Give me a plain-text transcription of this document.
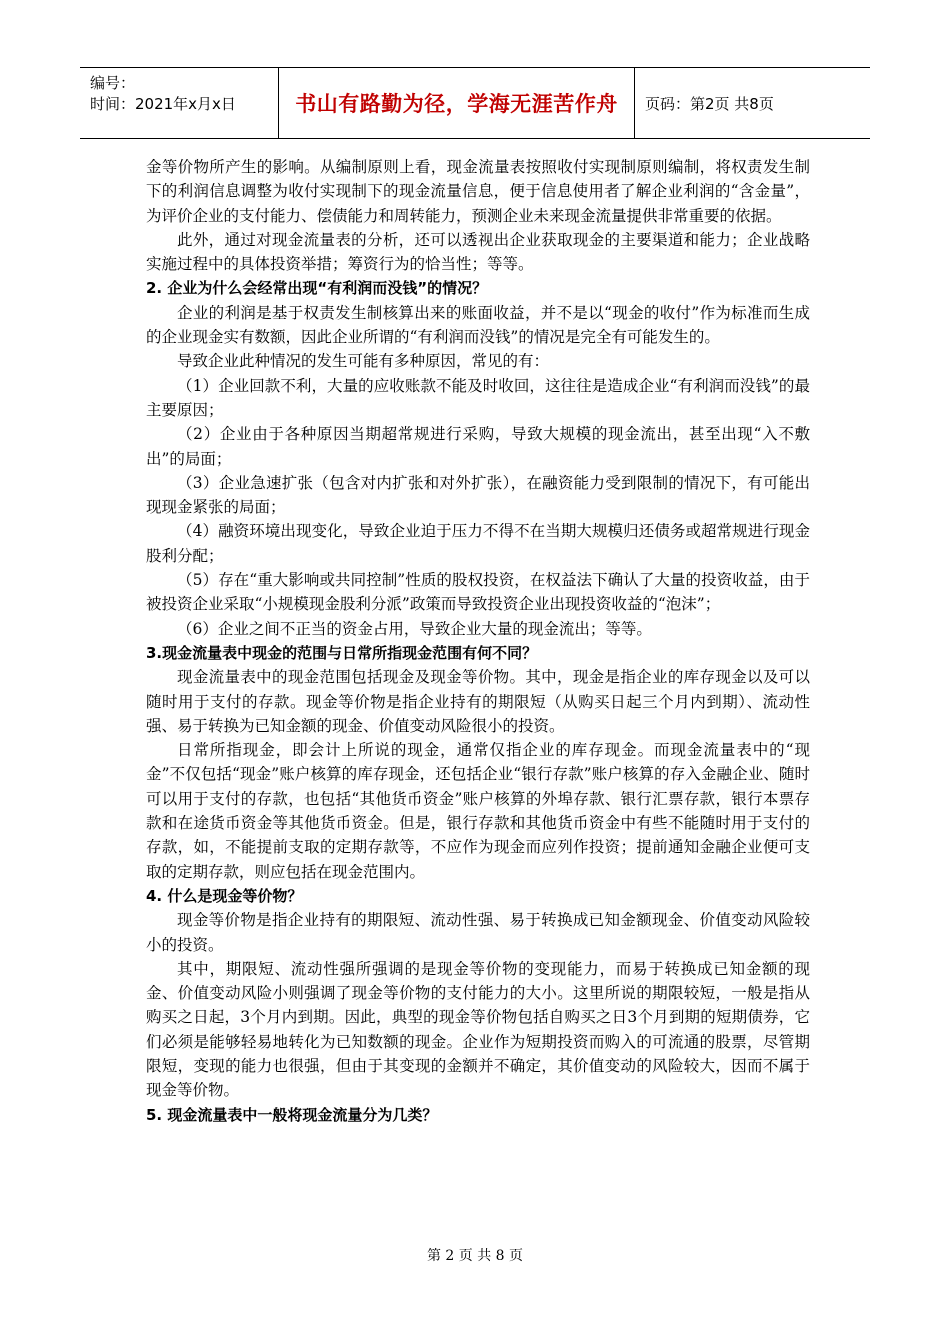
编号：
时间：2021年x月x日	书山有路勤为径，学海无涯苦作舟	页码：第2页 共8页

金等价物所产生的影响。从编制原则上看，现金流量表按照收付实现制原则编制，将权责发生制下的利润信息调整为收付实现制下的现金流量信息，便于信息使用者了解企业利润的“含金量”，为评价企业的支付能力、偿债能力和周转能力，预测企业未来现金流量提供非常重要的依据。

此外，通过对现金流量表的分析，还可以透视出企业获取现金的主要渠道和能力；企业战略实施过程中的具体投资举措；筹资行为的恰当性；等等。

2. 企业为什么会经常出现“有利润而没钱”的情况？

企业的利润是基于权责发生制核算出来的账面收益，并不是以“现金的收付”作为标准而生成的企业现金实有数额，因此企业所谓的“有利润而没钱”的情况是完全有可能发生的。

导致企业此种情况的发生可能有多种原因，常见的有：

（1）企业回款不利，大量的应收账款不能及时收回，这往往是造成企业“有利润而没钱”的最主要原因；

（2）企业由于各种原因当期超常规进行采购，导致大规模的现金流出，甚至出现“入不敷出”的局面；

（3）企业急速扩张（包含对内扩张和对外扩张），在融资能力受到限制的情况下，有可能出现现金紧张的局面；

（4）融资环境出现变化，导致企业迫于压力不得不在当期大规模归还债务或超常规进行现金股利分配；

（5）存在“重大影响或共同控制”性质的股权投资，在权益法下确认了大量的投资收益，由于被投资企业采取“小规模现金股利分派”政策而导致投资企业出现投资收益的“泡沫”；

（6）企业之间不正当的资金占用，导致企业大量的现金流出；等等。

3.现金流量表中现金的范围与日常所指现金范围有何不同？

现金流量表中的现金范围包括现金及现金等价物。其中，现金是指企业的库存现金以及可以随时用于支付的存款。现金等价物是指企业持有的期限短（从购买日起三个月内到期）、流动性强、易于转换为已知金额的现金、价值变动风险很小的投资。

日常所指现金，即会计上所说的现金，通常仅指企业的库存现金。而现金流量表中的“现金”不仅包括“现金”账户核算的库存现金，还包括企业“银行存款”账户核算的存入金融企业、随时可以用于支付的存款，也包括“其他货币资金”账户核算的外埠存款、银行汇票存款，银行本票存款和在途货币资金等其他货币资金。但是，银行存款和其他货币资金中有些不能随时用于支付的存款，如，不能提前支取的定期存款等，不应作为现金而应列作投资；提前通知金融企业便可支取的定期存款，则应包括在现金范围内。

4. 什么是现金等价物？

现金等价物是指企业持有的期限短、流动性强、易于转换成已知金额现金、价值变动风险较小的投资。

其中，期限短、流动性强所强调的是现金等价物的变现能力，而易于转换成已知金额的现金、价值变动风险小则强调了现金等价物的支付能力的大小。这里所说的期限较短，一般是指从购买之日起，3个月内到期。因此，典型的现金等价物包括自购买之日3个月到期的短期债券，它们必须是能够轻易地转化为已知数额的现金。企业作为短期投资而购入的可流通的股票，尽管期限短，变现的能力也很强，但由于其变现的金额并不确定，其价值变动的风险较大，因而不属于现金等价物。

5. 现金流量表中一般将现金流量分为几类？

第 2 页 共 8 页
